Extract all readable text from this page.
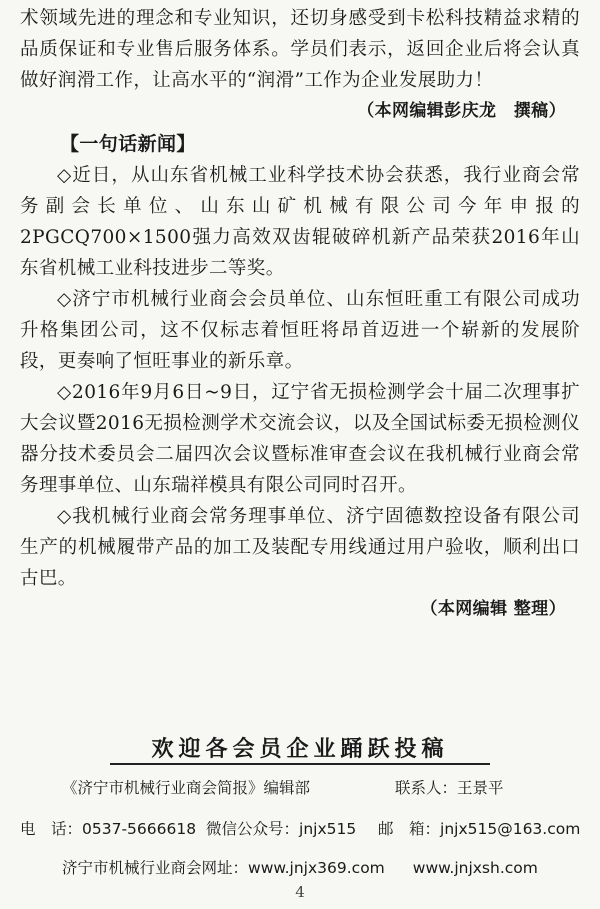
术领域先进的理念和专业知识，还切身感受到卡松科技精益求精的品质保证和专业售后服务体系。学员们表示，返回企业后将会认真做好润滑工作，让高水平的“润滑”工作为企业发展助力！

（本网编辑彭庆龙　撰稿）

【一句话新闻】

◇近日，从山东省机械工业科学技术协会获悉，我行业商会常务副会长单位、山东山矿机械有限公司今年申报的2PGCQ700×1500强力高效双齿辊破碎机新产品荣获2016年山东省机械工业科技进步二等奖。

◇济宁市机械行业商会会员单位、山东恒旺重工有限公司成功升格集团公司，这不仅标志着恒旺将昂首迈进一个崭新的发展阶段，更奏响了恒旺事业的新乐章。

◇2016年9月6日~9日，辽宁省无损检测学会十届二次理事扩大会议暨2016无损检测学术交流会议，以及全国试标委无损检测仪器分技术委员会二届四次会议暨标准审查会议在我机械行业商会常务理事单位、山东瑞祥模具有限公司同时召开。

◇我机械行业商会常务理事单位、济宁固德数控设备有限公司生产的机械履带产品的加工及装配专用线通过用户验收，顺利出口古巴。

（本网编辑 整理）

欢迎各会员企业踊跃投稿
《济宁市机械行业商会简报》编辑部	联系人：王景平
电　话：0537-5666618 微信公众号：jnjx515 邮　箱：jnjx515@163.com
济宁市机械行业商会网址：www.jnjx369.com www.jnjxsh.com
4
